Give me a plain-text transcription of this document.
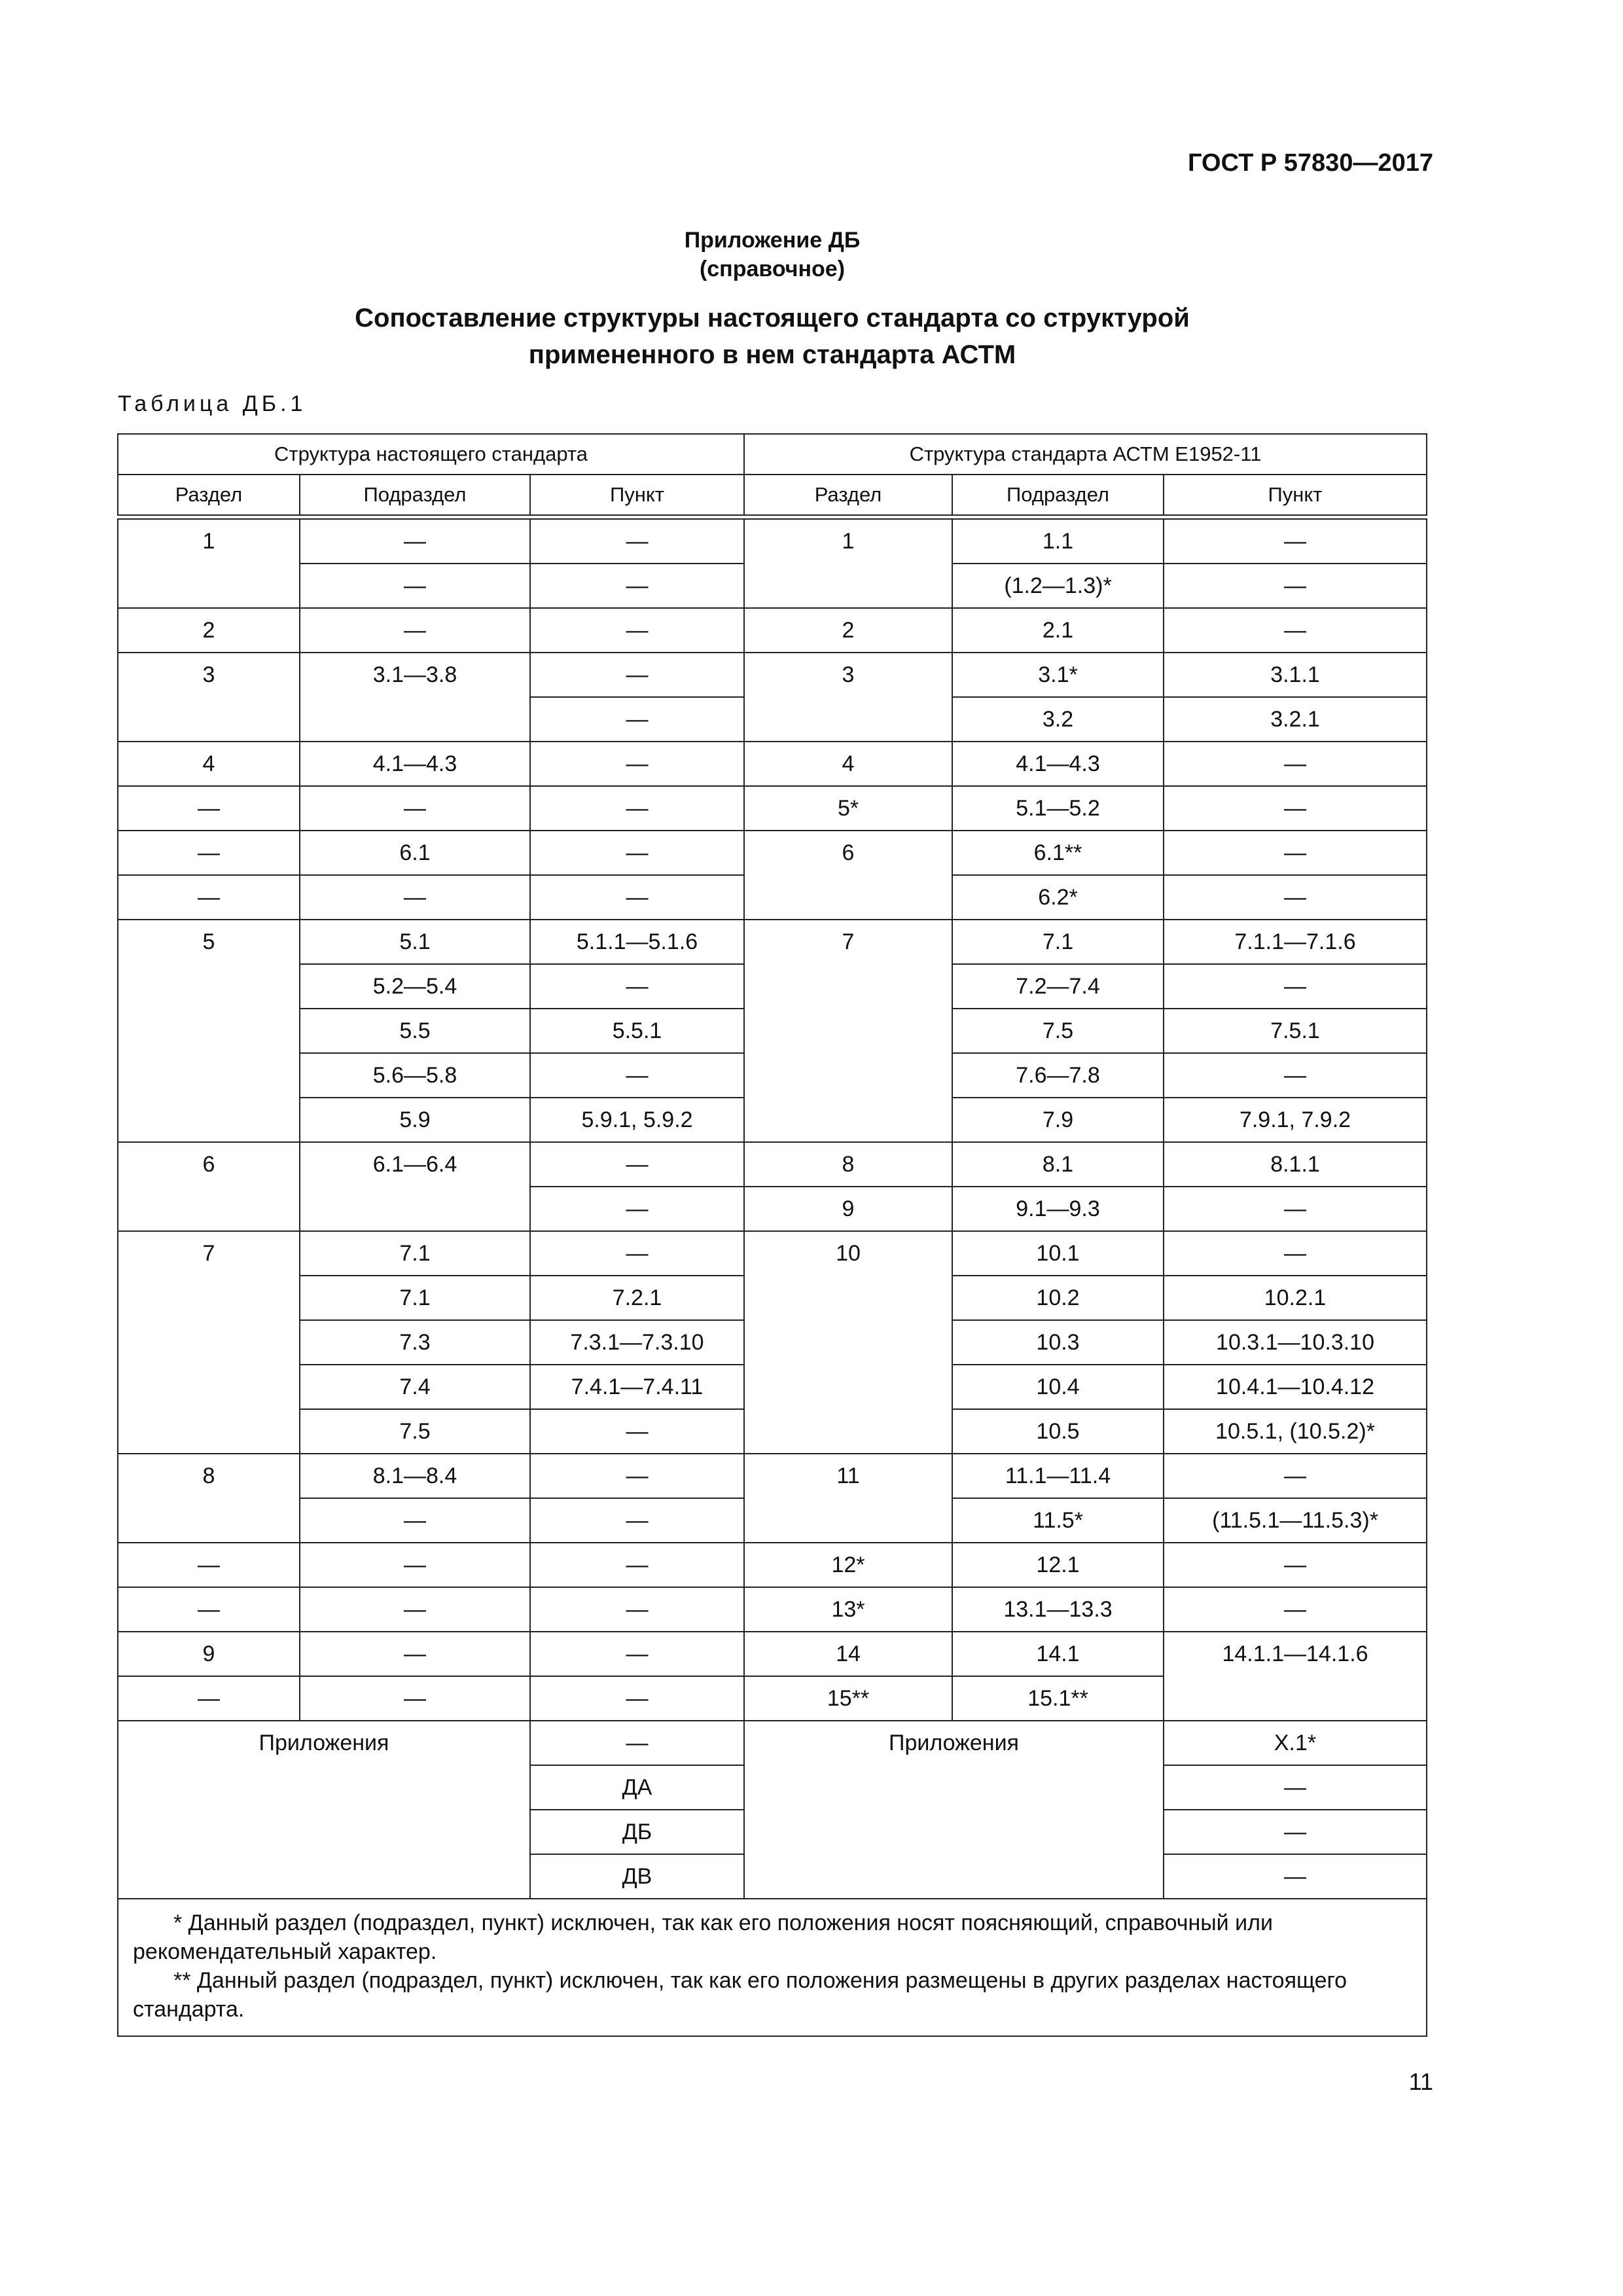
ГОСТ Р 57830—2017
Приложение ДБ
(справочное)
Сопоставление структуры настоящего стандарта со структурой
примененного в нем стандарта АСТМ
Таблица ДБ.1
Структура настоящего стандарта			Структура стандарта АСТМ Е1952-11		
Раздел	Подраздел	Пункт	Раздел	Подраздел	Пункт

1	—	—	1	1.1	—
	—	—		(1.2—1.3)*	—
2	—	—	2	2.1	—
3	3.1—3.8	—	3	3.1*	3.1.1
		—		3.2	3.2.1
4	4.1—4.3	—	4	4.1—4.3	—
—	—	—	5*	5.1—5.2	—
—	6.1	—	6	6.1**	—
—	—	—		6.2*	—
5	5.1	5.1.1—5.1.6	7	7.1	7.1.1—7.1.6
	5.2—5.4	—		7.2—7.4	—
	5.5	5.5.1		7.5	7.5.1
	5.6—5.8	—		7.6—7.8	—
	5.9	5.9.1, 5.9.2		7.9	7.9.1, 7.9.2
6	6.1—6.4	—	8	8.1	8.1.1
		—	9	9.1—9.3	—
7	7.1	—	10	10.1	—
	7.1	7.2.1		10.2	10.2.1
	7.3	7.3.1—7.3.10		10.3	10.3.1—10.3.10
	7.4	7.4.1—7.4.11		10.4	10.4.1—10.4.12
	7.5	—		10.5	10.5.1, (10.5.2)*
8	8.1—8.4	—	11	11.1—11.4	—
	—	—		11.5*	(11.5.1—11.5.3)*
—	—	—	12*	12.1	—
—	—	—	13*	13.1—13.3	—
9	—	—	14	14.1	14.1.1—14.1.6
—	—	—	15**	15.1**	
Приложения		—	Приложения		Х.1*
		ДА			—
		ДБ			—
		ДВ			—

* Данный раздел (подраздел, пункт) исключен, так как его положения носят поясняющий, справочный или рекомендательный характер.

** Данный раздел (подраздел, пункт) исключен, так как его положения размещены в других разделах настоящего стандарта.					

11
